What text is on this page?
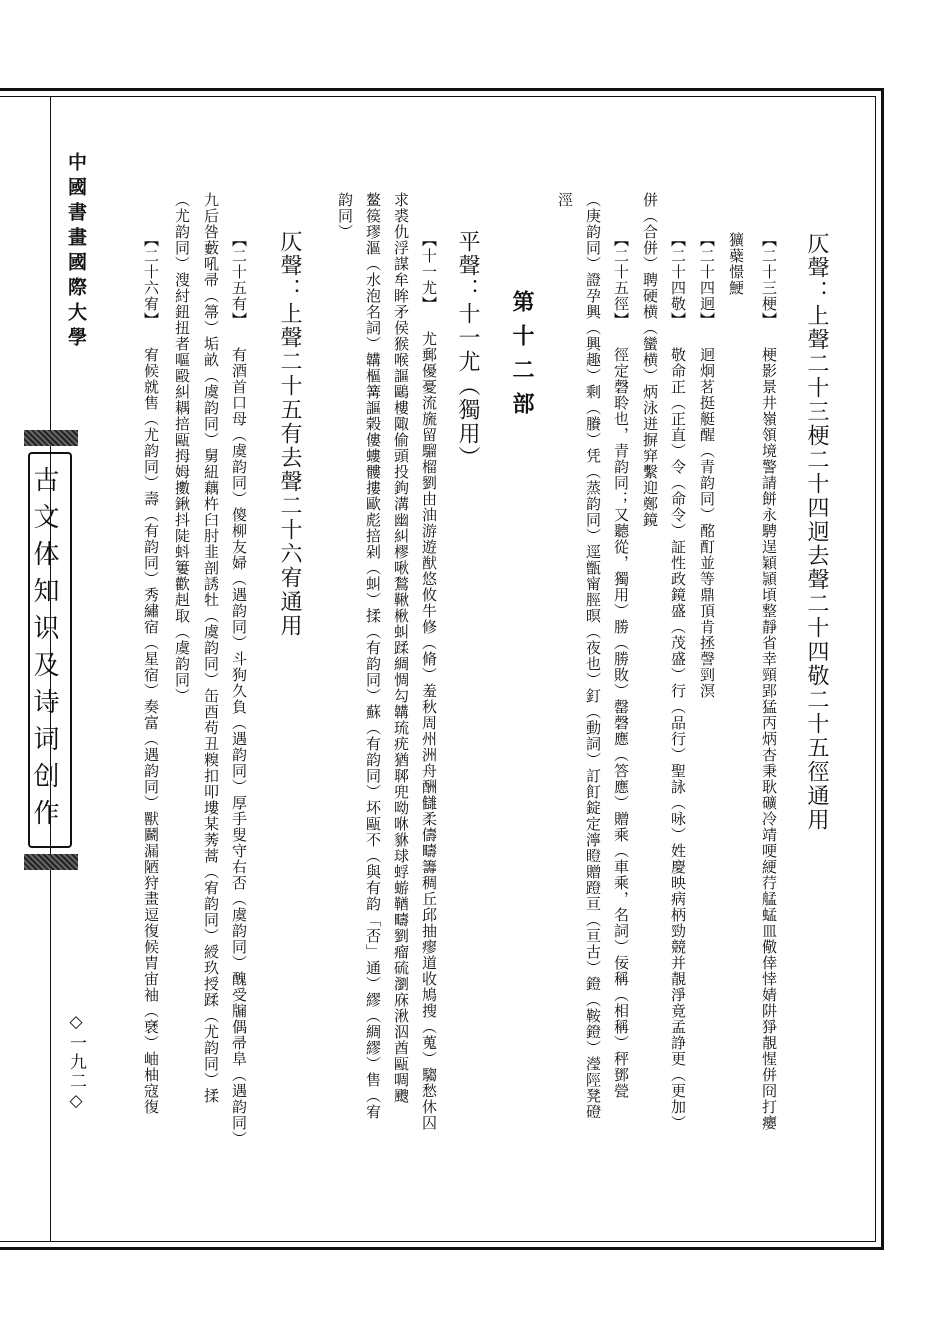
中國書畫國際大學
古文体知识及诗词创作
◇一九二◇
仄聲：上聲二十三梗二十四迥去聲二十四敬二十五徑通用
【二十三梗】 梗影景井嶺領境警請餅永騁逞穎頴頃整靜省幸頸郢猛丙炳杏秉耿礦冷靖哽綆荇艋蜢皿儆倖悻婧阱猙靚惺併冏打癭
獷蘗憬鯁
【二十四迥】 迥炯茗挺艇醒（青韵同）酩酊並等鼎頂肯拯謦剄溟
【二十四敬】 敬命正（正直）令（命令）証性政鏡盛（茂盛）行（品行）聖詠（咏）姓慶映病柄勁競并靚淨竟孟諍更（更加）
併（合併）聘硬横（蠻横）炳泳迸摒穽繫迎鄭鏡
【二十五徑】 徑定磬聆也，青韵同；又聽從，獨用）勝（勝敗）罄磬應（答應）贈乘（車乘，名詞）佞稱（相稱）秤鄧甇
（庚韵同）證孕興（興趣）剩（賸）凭（蒸韵同）逕甑甯脛暝（夜也）釘（動詞）訂飣錠定濘瞪贈蹬亘（亘古）鐙（鞍鐙）瀅陘凳磴
涇
第十二部
平聲：十一尤（獨用）
【十一尤】 尤郵優憂流旒留騮榴劉由油游遊猷悠攸牛修（脩）羞秋周州洲舟酬讎柔儔疇籌稠丘邱抽瘳道收鳩搜（蒐）騶愁休囚
求裘仇浮謀牟眸矛侯猴喉謳鷗樓陬偷頭投鉤溝幽糾樛啾鶖鞦楸虯蹂綢惆勾韝琉疣猶郰兜呦咻貅球蜉蝣鞧疇劉瘤硫瀏庥湫泅酋甌啁颼
鳌篌璆漚（水泡名詞）韝樞篝謳榖僂螻髏摟歐彪掊剁（虯）揉（有韵同）蘇（有韵同）坏甌不（與有韵「否」通）繆（綢繆）售（宥
韵同）
仄聲：上聲二十五有去聲二十六宥通用
【二十五有】 有酒首口母（虞韵同）傻柳友婦（遇韵同）斗狗久負（遇韵同）厚手叟守右否（虞韵同）醜受牖偶帚阜（遇韵同）
九后咎藪吼帚（箒）垢畝（虞韵同）舅紐藕杵臼肘韭剖誘牡（虞韵同）缶酉苟丑糗扣叩塿某莠蒿（宥韵同）綬玖授蹂（尤韵同）揉
（尤韵同）溲紂鈕扭者嘔毆糾耦掊甌拇姆擻鍬抖陡蚪簍歡赳取（虞韵同）
【二十六宥】 宥候就售（尤韵同）壽（有韵同）秀繡宿（星宿）奏富（遇韵同）獸鬬漏陋狩畫逗復候胄宙袖（褎）岫柚寇復
